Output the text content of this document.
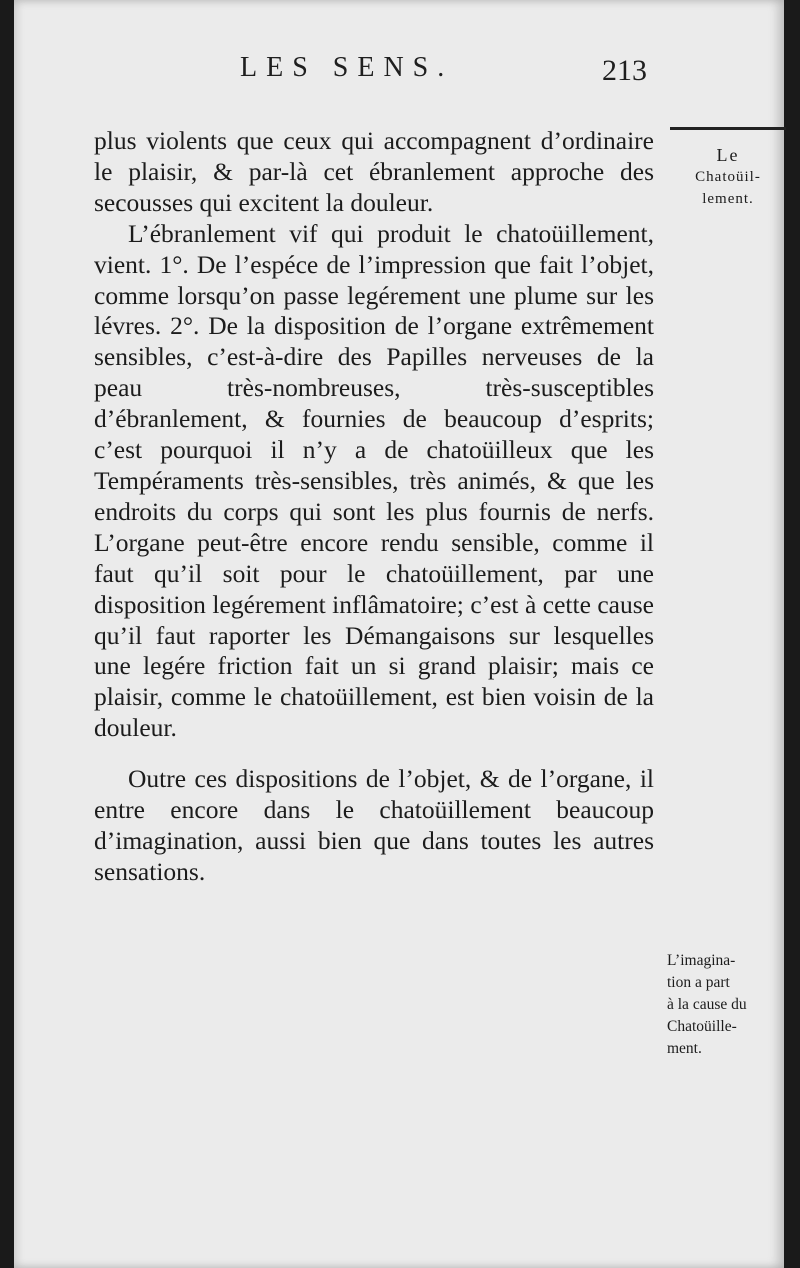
LES SENS.	213
Le
Chatoüil-
lement.

plus violents que ceux qui accompagnent d’ordinaire le plaisir, & par-là cet ébranlement approche des secousses qui excitent la douleur.

L’ébranlement vif qui produit le chatoüillement, vient. 1°. De l’espéce de l’impression que fait l’objet, comme lorsqu’on passe legérement une plume sur les lévres. 2°. De la disposition de l’organe extrêmement sensibles, c’est-à-dire des Papilles nerveuses de la peau très-nombreuses, très-susceptibles d’ébranlement, & fournies de beaucoup d’esprits; c’est pourquoi il n’y a de chatoüilleux que les Tempéraments très-sensibles, très animés, & que les endroits du corps qui sont les plus fournis de nerfs. L’organe peut-être encore rendu sensible, comme il faut qu’il soit pour le chatoüillement, par une disposition legérement inflâmatoire; c’est à cette cause qu’il faut raporter les Démangaisons sur lesquelles une legére friction fait un si grand plaisir; mais ce plaisir, comme le chatoüillement, est bien voisin de la douleur.

Outre ces dispositions de l’objet, & de l’organe, il entre encore dans le chatoüillement beaucoup d’imagination, aussi bien que dans toutes les autres sensations.

L’imagina-
tion a part
à la cause du
Chatoüille-
ment.
